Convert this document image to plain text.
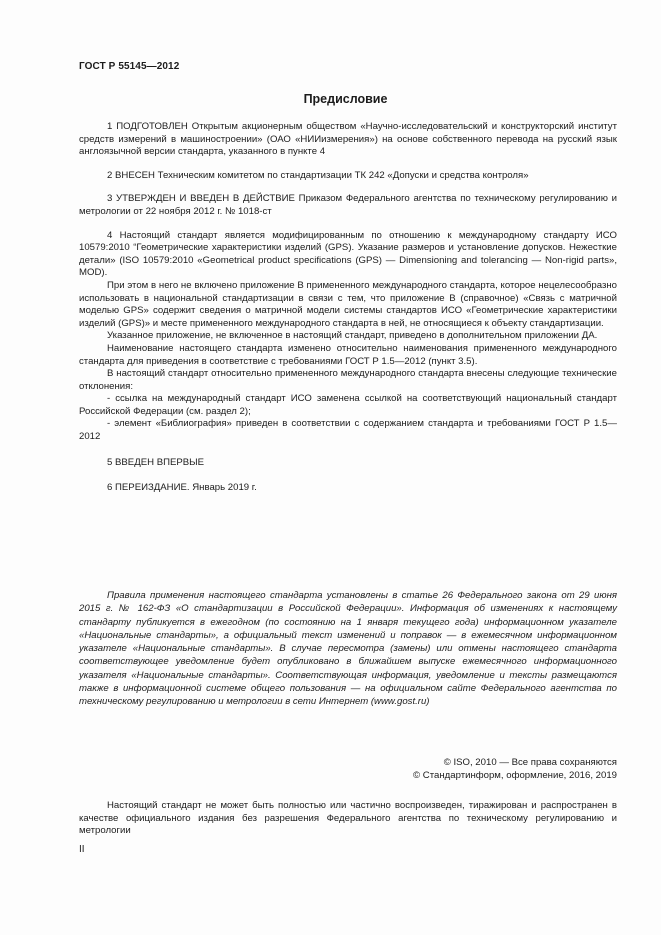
ГОСТ Р 55145—2012
Предисловие

1 ПОДГОТОВЛЕН Открытым акционерным обществом «Научно-исследовательский и конструкторский институт средств измерений в машиностроении» (ОАО «НИИизмерения») на основе собственного перевода на русский язык англоязычной версии стандарта, указанного в пункте 4

2 ВНЕСЕН Техническим комитетом по стандартизации ТК 242 «Допуски и средства контроля»

3 УТВЕРЖДЕН И ВВЕДЕН В ДЕЙСТВИЕ Приказом Федерального агентства по техническому регулированию и метрологии от 22 ноября 2012 г. № 1018-ст

4 Настоящий стандарт является модифицированным по отношению к международному стандарту ИСО 10579:2010 “Геометрические характеристики изделий (GPS). Указание размеров и установление допусков. Нежесткие детали» (ISO 10579:2010 «Geometrical product specifications (GPS) — Dimensioning and tolerancing — Non-rigid parts», MOD).

При этом в него не включено приложение В примененного международного стандарта, которое нецелесообразно использовать в национальной стандартизации в связи с тем, что приложение В (справочное) «Связь с матричной моделью GPS» содержит сведения о матричной модели системы стандартов ИСО «Геометрические характеристики изделий (GPS)» и месте примененного международного стандарта в ней, не относящиеся к объекту стандартизации.

Указанное приложение, не включенное в настоящий стандарт, приведено в дополнительном приложении ДА.

Наименование настоящего стандарта изменено относительно наименования примененного международного стандарта для приведения в соответствие с требованиями ГОСТ Р 1.5—2012 (пункт 3.5).

В настоящий стандарт относительно примененного международного стандарта внесены следующие технические отклонения:

- ссылка на международный стандарт ИСО заменена ссылкой на соответствующий национальный стандарт Российской Федерации (см. раздел 2);

- элемент «Библиография» приведен в соответствии с содержанием стандарта и требованиями ГОСТ Р 1.5—2012

5 ВВЕДЕН ВПЕРВЫЕ

6 ПЕРЕИЗДАНИЕ. Январь 2019 г.

Правила применения настоящего стандарта установлены в статье 26 Федерального закона от 29 июня 2015 г. № 162-ФЗ «О стандартизации в Российской Федерации». Информация об изменениях к настоящему стандарту публикуется в ежегодном (по состоянию на 1 января текущего года) информационном указателе «Национальные стандарты», а официальный текст изменений и поправок — в ежемесячном информационном указателе «Национальные стандарты». В случае пересмотра (замены) или отмены настоящего стандарта соответствующее уведомление будет опубликовано в ближайшем выпуске ежемесячного информационного указателя «Национальные стандарты». Соответствующая информация, уведомление и тексты размещаются также в информационной системе общего пользования — на официальном сайте Федерального агентства по техническому регулированию и метрологии в сети Интернет (www.gost.ru)
© ISO, 2010 — Все права сохраняются
© Стандартинформ, оформление, 2016, 2019
Настоящий стандарт не может быть полностью или частично воспроизведен, тиражирован и распространен в качестве официального издания без разрешения Федерального агентства по техническому регулированию и метрологии
II
